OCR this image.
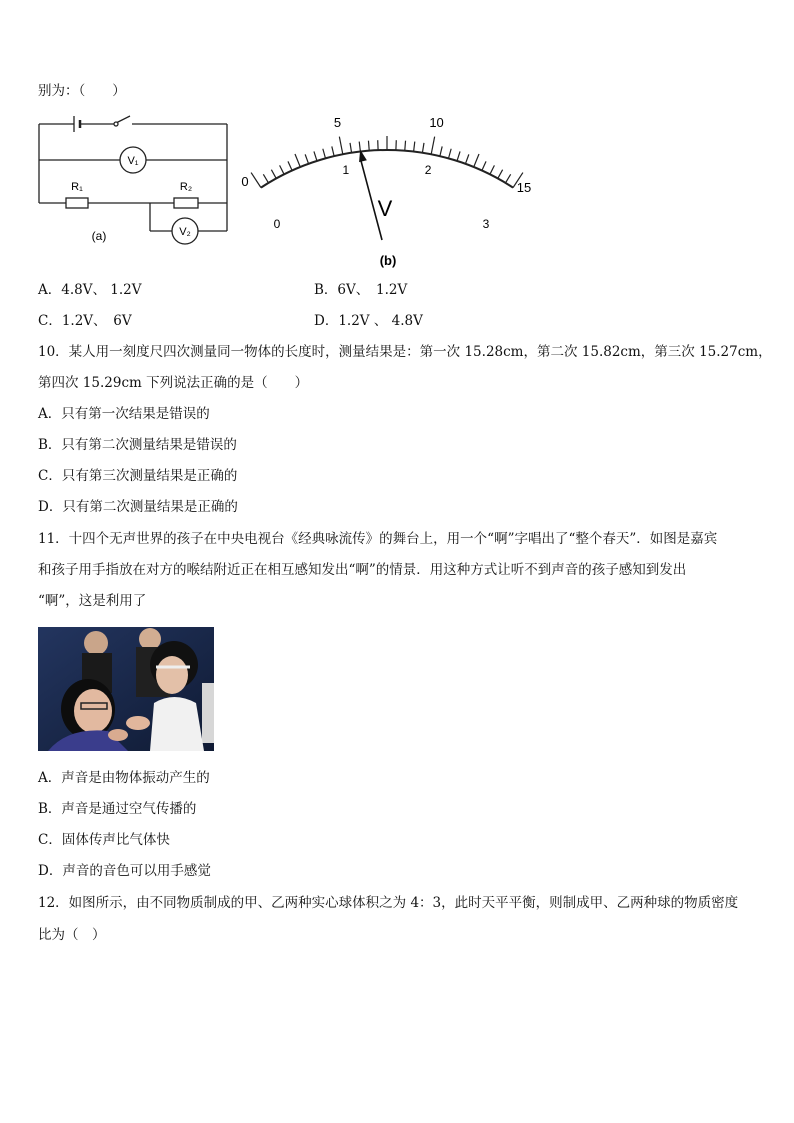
别为：（　　）
V₁
V₂
R₁	R₂
(a)
0
5	10
15
0
1	2
3
V
(b)
A．4.8V、 1.2V	B．6V、　1.2V
C．1.2V、　6V	D．1.2V 、 4.8V
10．某人用一刻度尺四次测量同一物体的长度时，测量结果是：第一次 15.28cm，第二次 15.82cm，第三次 15.27cm，
第四次 15.29cm 下列说法正确的是（　　）
A．只有第一次结果是错误的
B．只有第二次测量结果是错误的
C．只有第三次测量结果是正确的
D．只有第二次测量结果是正确的
11．十四个无声世界的孩子在中央电视台《经典咏流传》的舞台上，用一个“啊”字唱出了“整个春天”．如图是嘉宾
和孩子用手指放在对方的喉结附近正在相互感知发出“啊”的情景．用这种方式让听不到声音的孩子感知到发出
“啊”，这是利用了
A．声音是由物体振动产生的
B．声音是通过空气传播的
C．固体传声比气体快
D．声音的音色可以用手感觉
12．如图所示，由不同物质制成的甲、乙两种实心球体积之为 4：3，此时天平平衡，则制成甲、乙两种球的物质密度
比为（　）
